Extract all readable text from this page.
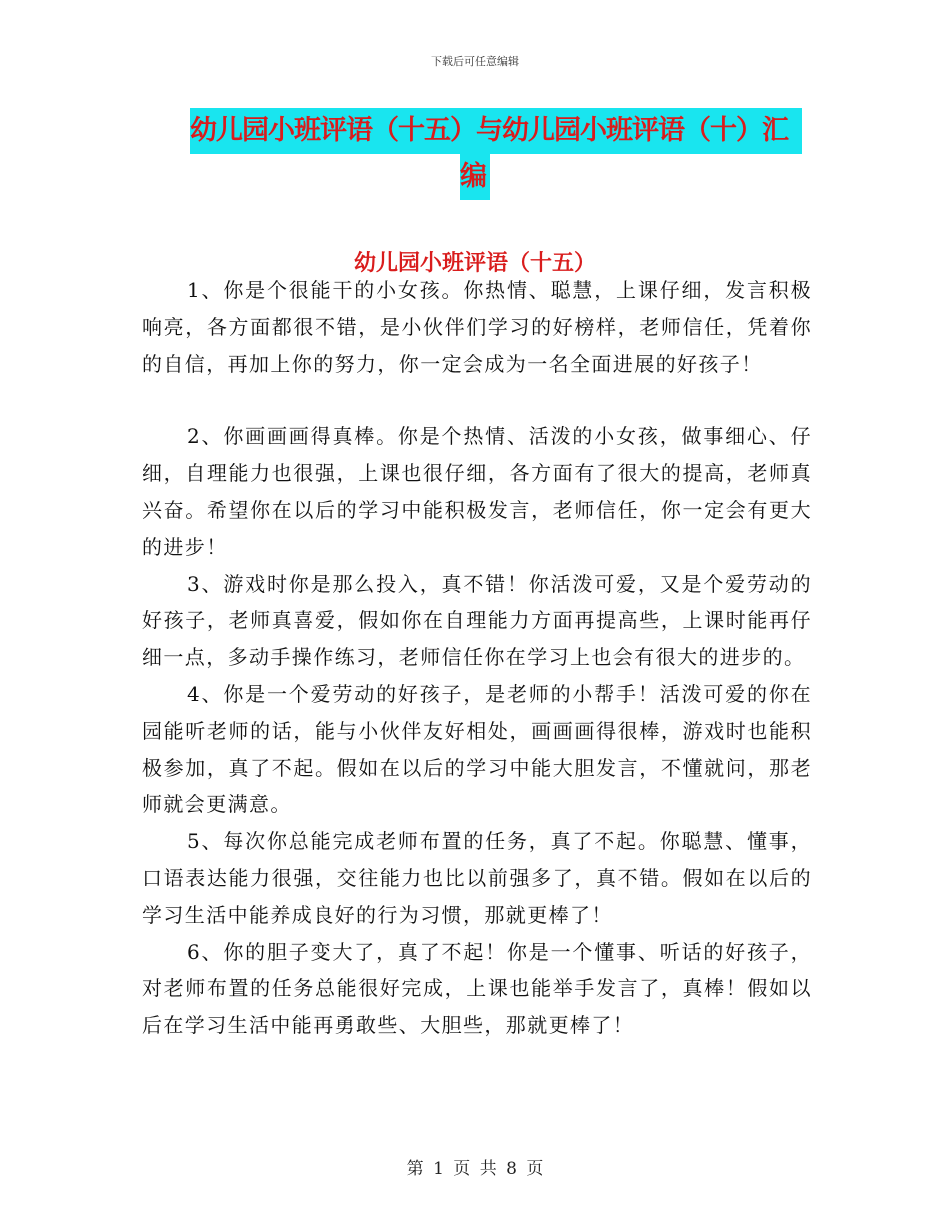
下载后可任意编辑
幼儿园小班评语（十五）与幼儿园小班评语（十）汇
编
幼儿园小班评语（十五）

1、你是个很能干的小女孩。你热情、聪慧，上课仔细，发言积极响亮，各方面都很不错，是小伙伴们学习的好榜样，老师信任，凭着你的自信，再加上你的努力，你一定会成为一名全面进展的好孩子！

2、你画画画得真棒。你是个热情、活泼的小女孩，做事细心、仔细，自理能力也很强，上课也很仔细，各方面有了很大的提高，老师真兴奋。希望你在以后的学习中能积极发言，老师信任，你一定会有更大的进步！

3、游戏时你是那么投入，真不错！你活泼可爱，又是个爱劳动的好孩子，老师真喜爱，假如你在自理能力方面再提高些，上课时能再仔细一点，多动手操作练习，老师信任你在学习上也会有很大的进步的。

4、你是一个爱劳动的好孩子，是老师的小帮手！活泼可爱的你在园能听老师的话，能与小伙伴友好相处，画画画得很棒，游戏时也能积极参加，真了不起。假如在以后的学习中能大胆发言，不懂就问，那老师就会更满意。

5、每次你总能完成老师布置的任务，真了不起。你聪慧、懂事，口语表达能力很强，交往能力也比以前强多了，真不错。假如在以后的学习生活中能养成良好的行为习惯，那就更棒了！

6、你的胆子变大了，真了不起！你是一个懂事、听话的好孩子，对老师布置的任务总能很好完成，上课也能举手发言了，真棒！假如以后在学习生活中能再勇敢些、大胆些，那就更棒了！

第 1 页 共 8 页
